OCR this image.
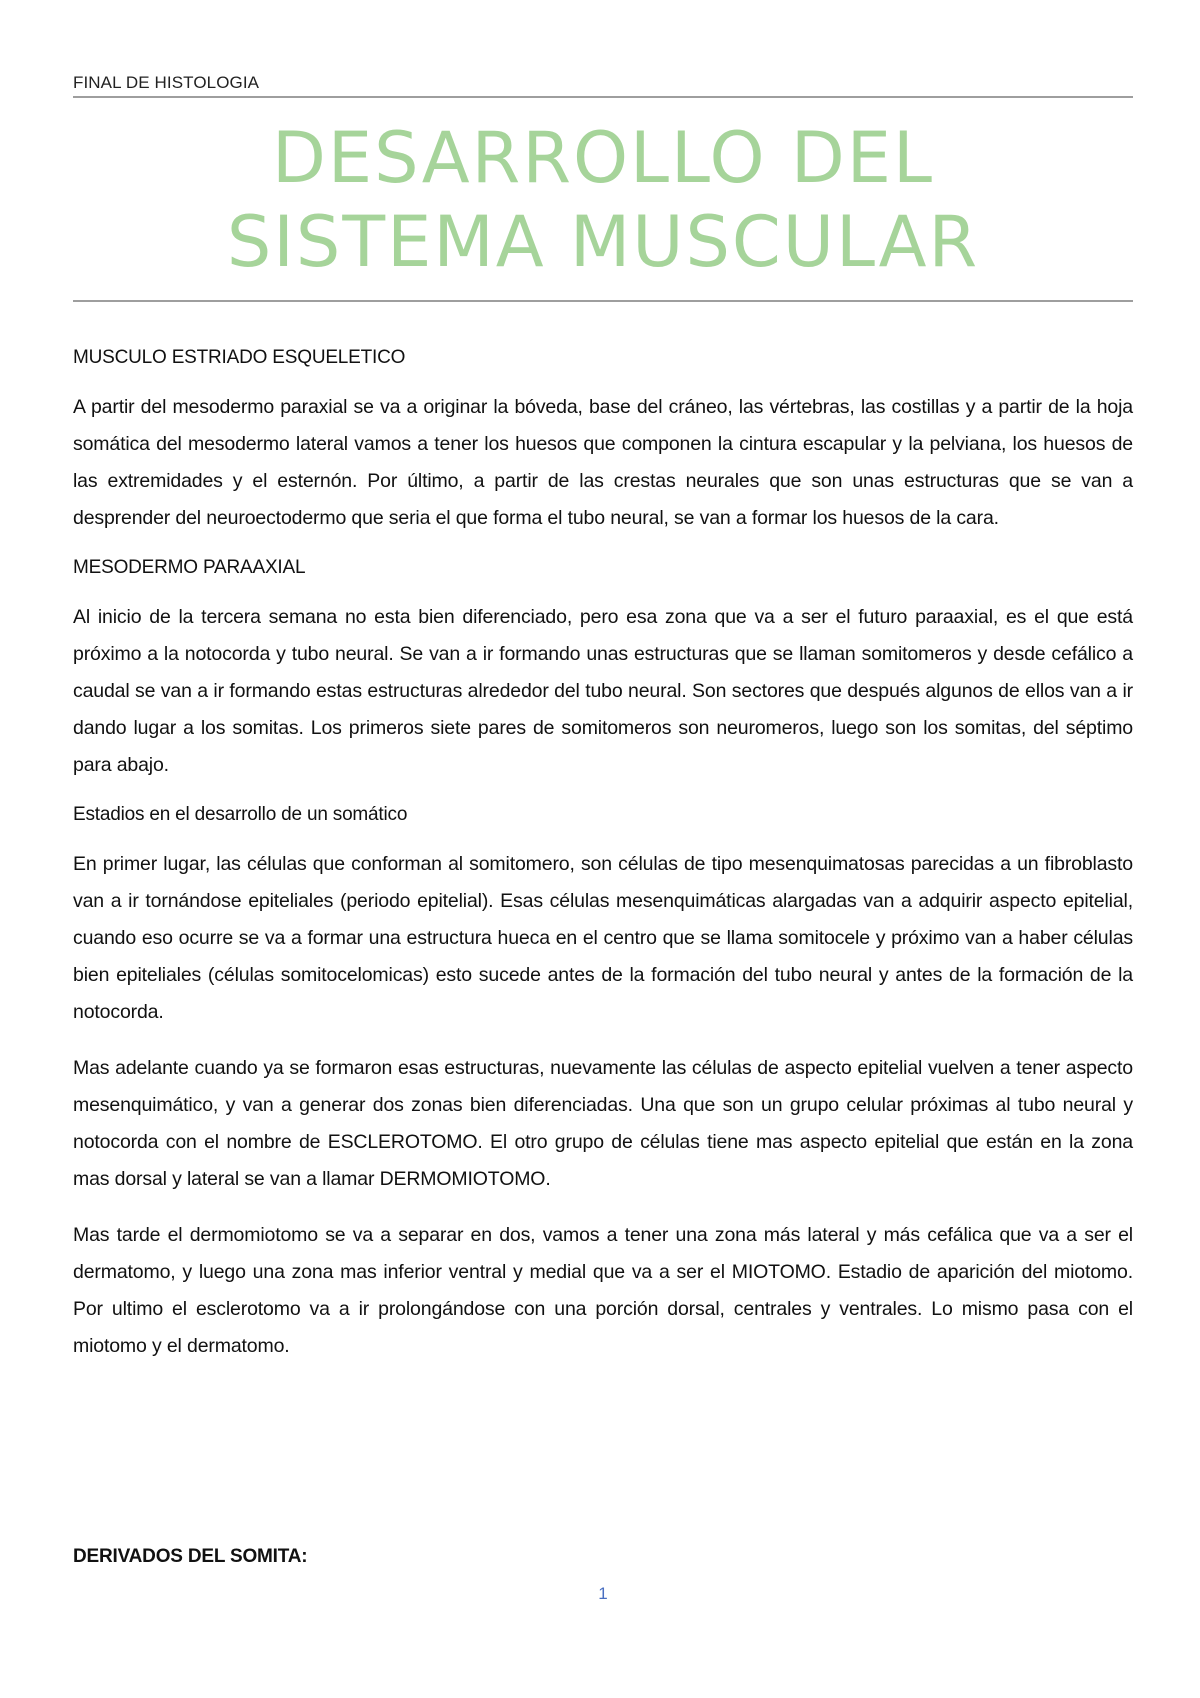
FINAL DE HISTOLOGIA
DESARROLLO DEL
SISTEMA MUSCULAR
MUSCULO ESTRIADO ESQUELETICO

A partir del mesodermo paraxial se va a originar la bóveda, base del cráneo, las vértebras, las costillas y a partir de la hoja somática del mesodermo lateral vamos a tener los huesos que componen la cintura escapular y la pelviana, los huesos de las extremidades y el esternón. Por último, a partir de las crestas neurales que son unas estructuras que se van a desprender del neuroectodermo que seria el que forma el tubo neural, se van a formar los huesos de la cara.

MESODERMO PARAAXIAL

Al inicio de la tercera semana no esta bien diferenciado, pero esa zona que va a ser el futuro paraaxial, es el que está próximo a la notocorda y tubo neural. Se van a ir formando unas estructuras que se llaman somitomeros y desde cefálico a caudal se van a ir formando estas estructuras alrededor del tubo neural. Son sectores que después algunos de ellos van a ir dando lugar a los somitas. Los primeros siete pares de somitomeros son neuromeros, luego son los somitas, del séptimo para abajo.

Estadios en el desarrollo de un somático

En primer lugar, las células que conforman al somitomero, son células de tipo mesenquimatosas parecidas a un fibroblasto van a ir tornándose epiteliales (periodo epitelial). Esas células mesenquimáticas alargadas van a adquirir aspecto epitelial, cuando eso ocurre se va a formar una estructura hueca en el centro que se llama somitocele y próximo van a haber células bien epiteliales (células somitocelomicas) esto sucede antes de la formación del tubo neural y antes de la formación de la notocorda.

Mas adelante cuando ya se formaron esas estructuras, nuevamente las células de aspecto epitelial vuelven a tener aspecto mesenquimático, y van a generar dos zonas bien diferenciadas. Una que son un grupo celular próximas al tubo neural y notocorda con el nombre de ESCLEROTOMO. El otro grupo de células tiene mas aspecto epitelial que están en la zona mas dorsal y lateral se van a llamar DERMOMIOTOMO.

Mas tarde el dermomiotomo se va a separar en dos, vamos a tener una zona más lateral y más cefálica que va a ser el dermatomo, y luego una zona mas inferior ventral y medial que va a ser el MIOTOMO. Estadio de aparición del miotomo. Por ultimo el esclerotomo va a ir prolongándose con una porción dorsal, centrales y ventrales. Lo mismo pasa con el miotomo y el dermatomo.

DERIVADOS DEL SOMITA:
1
